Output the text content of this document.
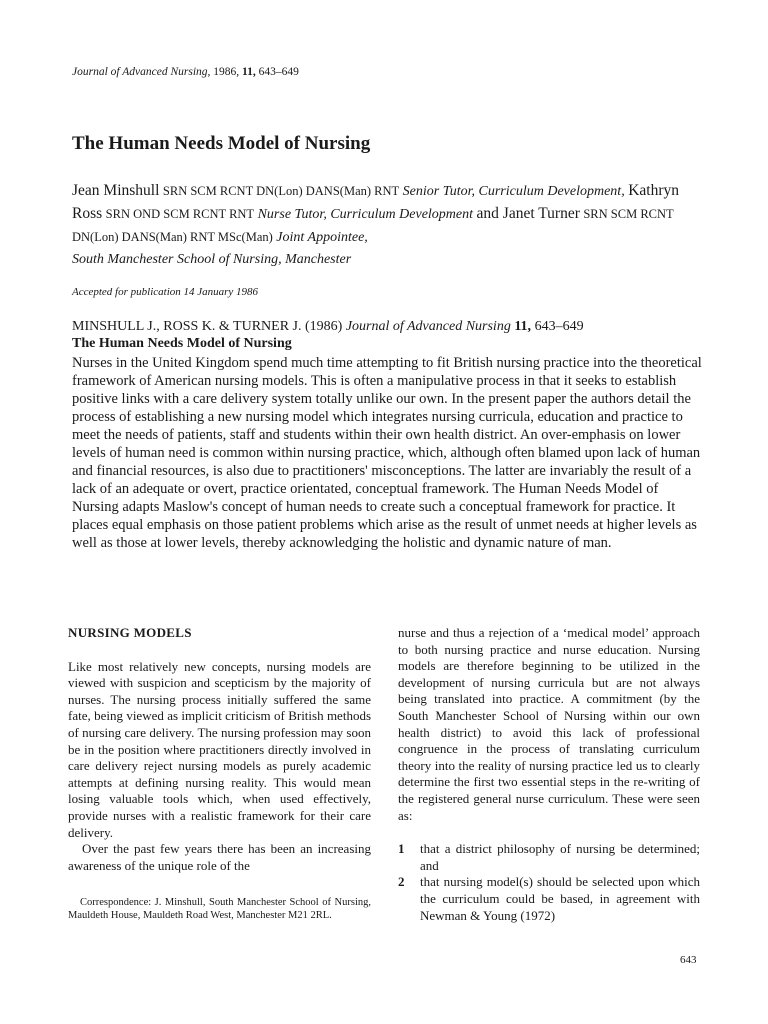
Journal of Advanced Nursing, 1986, 11, 643–649
The Human Needs Model of Nursing
Jean Minshull SRN SCM RCNT DN(Lon) DANS(Man) RNT Senior Tutor, Curriculum Development, Kathryn Ross SRN OND SCM RCNT RNT Nurse Tutor, Curriculum Development and Janet Turner SRN SCM RCNT DN(Lon) DANS(Man) RNT MSc(Man) Joint Appointee,
South Manchester School of Nursing, Manchester
Accepted for publication 14 January 1986
MINSHULL J., ROSS K. & TURNER J. (1986) Journal of Advanced Nursing 11, 643–649
The Human Needs Model of Nursing

Nurses in the United Kingdom spend much time attempting to fit British nursing practice into the theoretical framework of American nursing models. This is often a manipulative process in that it seeks to establish positive links with a care delivery system totally unlike our own. In the present paper the authors detail the process of establishing a new nursing model which integrates nursing curricula, education and practice to meet the needs of patients, staff and students within their own health district. An over-emphasis on lower levels of human need is common within nursing practice, which, although often blamed upon lack of human and financial resources, is also due to practitioners' misconceptions. The latter are invariably the result of a lack of an adequate or overt, practice orientated, conceptual framework. The Human Needs Model of Nursing adapts Maslow's concept of human needs to create such a conceptual framework for practice. It places equal emphasis on those patient problems which arise as the result of unmet needs at higher levels as well as those at lower levels, thereby acknowledging the holistic and dynamic nature of man.

NURSING MODELS

Like most relatively new concepts, nursing models are viewed with suspicion and scepticism by the majority of nurses. The nursing process initially suffered the same fate, being viewed as implicit criticism of British methods of nursing care delivery. The nursing profession may soon be in the position where practitioners directly involved in care delivery reject nursing models as purely academic attempts at defining nursing reality. This would mean losing valuable tools which, when used effectively, provide nurses with a realistic framework for their care delivery.

Over the past few years there has been an increasing awareness of the unique role of the

nurse and thus a rejection of a ‘medical model’ approach to both nursing practice and nurse education. Nursing models are therefore beginning to be utilized in the development of nursing curricula but are not always being translated into practice. A commitment (by the South Manchester School of Nursing within our own health district) to avoid this lack of professional congruence in the process of translating curriculum theory into the reality of nursing practice led us to clearly determine the first two essential steps in the re-writing of the registered general nurse curriculum. These were seen as:

1 that a district philosophy of nursing be determined; and
2 that nursing model(s) should be selected upon which the curriculum could be based, in agreement with Newman & Young (1972)
Correspondence: J. Minshull, South Manchester School of Nursing, Mauldeth House, Mauldeth Road West, Manchester M21 2RL.
643
